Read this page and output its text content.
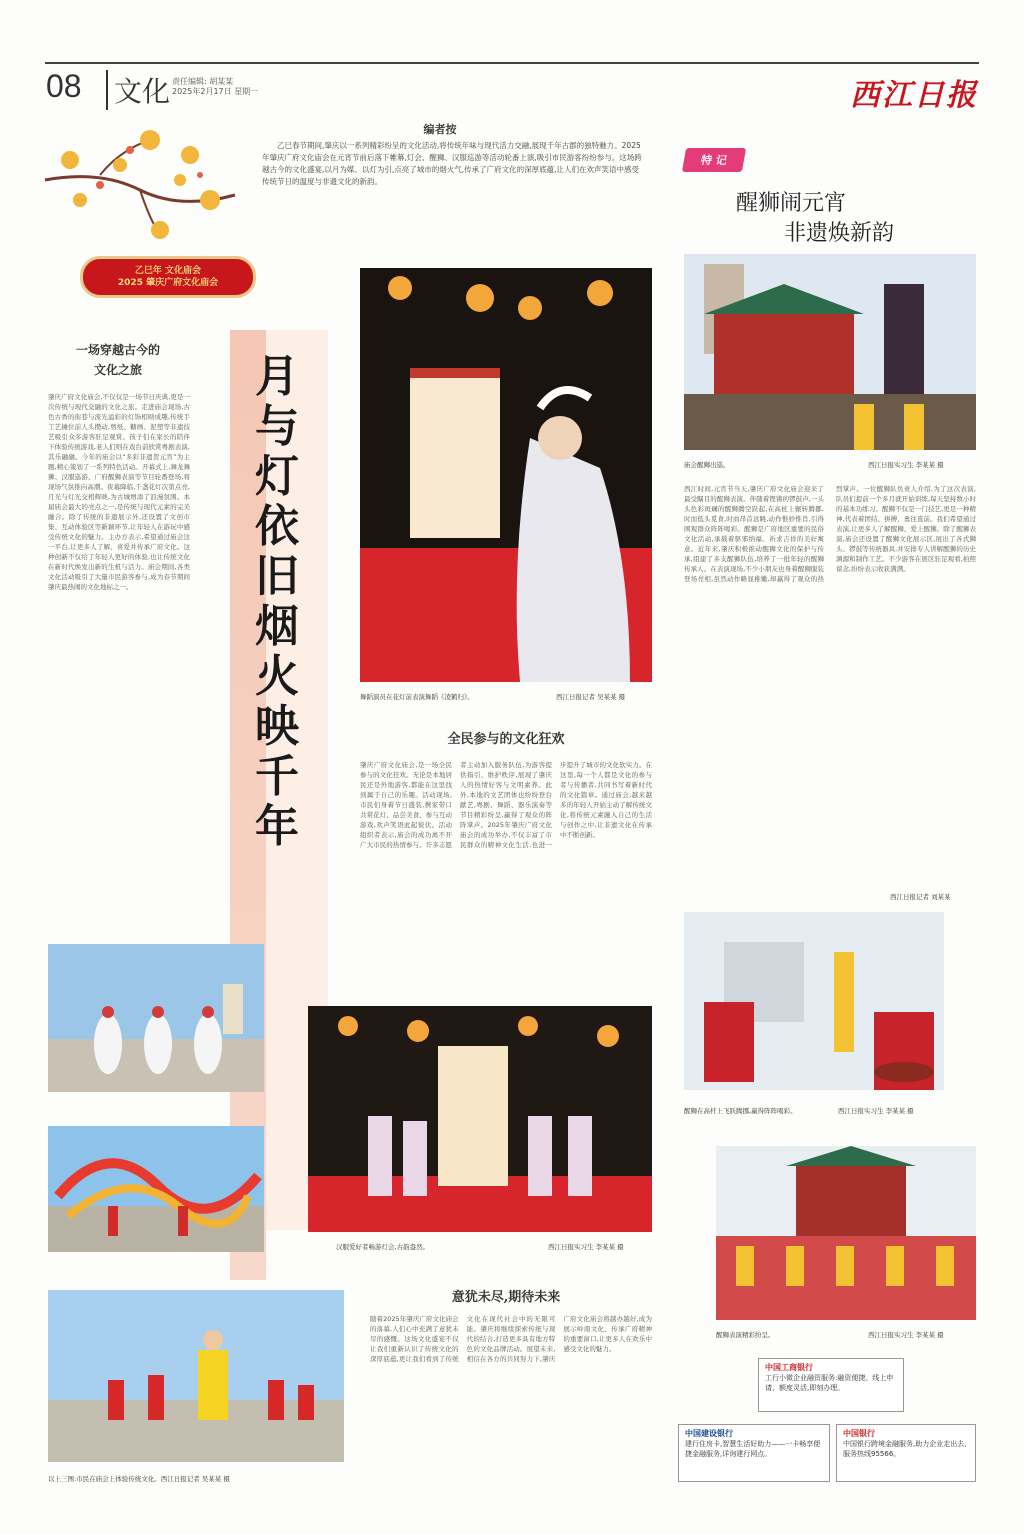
08 文化 责任编辑: 胡某某
2025年2月17日 星期一	西江日报
乙巳年 文化庙会
2025 肇庆广府文化庙会
编者按
乙巳春节期间,肇庆以一系列精彩纷呈的文化活动,将传统年味与现代活力交融,展现千年古郡的独特魅力。2025年肇庆广府文化庙会在元宵节前后落下帷幕,灯会、醒狮、汉服巡游等活动轮番上演,吸引市民游客纷纷参与。这场跨越古今的文化盛宴,以月为媒、以灯为引,点亮了城市的烟火气,传承了广府文化的深厚底蕴,让人们在欢声笑语中感受传统节日的温度与非遗文化的新韵。
一场穿越古今的
文化之旅
肇庆广府文化庙会,不仅仅是一场节日庆典,更是一次传统与现代交融的文化之旅。走进庙会现场,古色古香的街巷与流光溢彩的灯饰相映成趣,传统手工艺摊位前人头攒动,剪纸、糖画、泥塑等非遗技艺吸引众多游客驻足观赏。孩子们在家长的陪伴下体验传统游戏,老人们则在戏台前欣赏粤剧表演,其乐融融。今年的庙会以“多彩非遗贺元宵”为主题,精心策划了一系列特色活动。开幕式上,舞龙舞狮、汉服巡游、广府醒狮表演等节目轮番登场,将现场气氛推向高潮。夜幕降临,千盏花灯次第点亮,月光与灯光交相辉映,为古城增添了浪漫氛围。本届庙会最大的亮点之一,是传统与现代元素的完美融合。除了传统的非遗展示外,还设置了文创市集、互动体验区等新颖环节,让年轻人在游玩中感受传统文化的魅力。主办方表示,希望通过庙会这一平台,让更多人了解、喜爱并传承广府文化。这种创新不仅给了年轻人更好的体验,也让传统文化在新时代焕发出新的生机与活力。庙会期间,各类文化活动吸引了大量市民游客参与,成为春节期间肇庆最热闹的文化地标之一。
月与灯依旧 烟火映千年
以上三图:市民在庙会上体验传统文化。西江日报记者 吴某某 摄
舞蹈演员在花灯前表演舞蹈《凌鹤归》。	西江日报记者 吴某某 摄
全民参与的文化狂欢
肇庆广府文化庙会,是一场全民参与的文化狂欢。无论是本地居民还是外地游客,都能在这里找到属于自己的乐趣。活动现场,市民们身着节日盛装,携家带口共赏花灯、品尝美食、参与互动游戏,欢声笑语此起彼伏。活动组织者表示,庙会的成功离不开广大市民的热情参与。许多志愿者主动加入服务队伍,为游客提供指引、维护秩序,展现了肇庆人的热情好客与文明素养。此外,本地的文艺团体也纷纷登台献艺,粤剧、舞蹈、器乐演奏等节目精彩纷呈,赢得了观众的阵阵掌声。2025年肇庆广府文化庙会的成功举办,不仅丰富了市民群众的精神文化生活,也进一步提升了城市的文化软实力。在这里,每一个人都是文化的参与者与传播者,共同书写着新时代的文化篇章。通过庙会,越来越多的年轻人开始主动了解传统文化,将传统元素融入自己的生活与创作之中,让非遗文化在传承中不断创新。
汉服爱好者畅游灯会,古韵盎然。	西江日报实习生 李某某 摄
意犹未尽,期待未来
随着2025年肇庆广府文化庙会的落幕,人们心中充满了意犹未尽的感慨。这场文化盛宴不仅让我们重新认识了传统文化的深厚底蕴,更让我们看到了传统文化在现代社会中的无限可能。肇庆将继续探索传统与现代的结合,打造更多具有地方特色的文化品牌活动。展望未来,相信在各方的共同努力下,肇庆广府文化庙会将越办越好,成为展示岭南文化、传承广府精神的重要窗口,让更多人在欢乐中感受文化的魅力。
特 记
醒狮闹元宵
非遗焕新韵
庙会醒狮出巡。	西江日报实习生 李某某 摄
西江时间,元宵节当天,肇庆广府文化庙会迎来了最受瞩目的醒狮表演。伴随着铿锵的锣鼓声,一头头色彩斑斓的醒狮腾空跃起,在高桩上辗转腾挪,时而低头觅食,时而昂首远眺,动作惟妙惟肖,引得围观群众阵阵喝彩。醒狮是广府地区重要的民俗文化活动,承载着驱邪纳福、祈求吉祥的美好寓意。近年来,肇庆积极推动醒狮文化的保护与传承,组建了多支醒狮队伍,培养了一批年轻的醒狮传承人。在表演现场,不少小朋友也身着醒狮服装登场亮相,虽然动作略显稚嫩,却赢得了观众的热烈掌声。一位醒狮队负责人介绍,为了这次表演,队员们提前一个多月就开始训练,每天坚持数小时的基本功练习。醒狮不仅是一门技艺,更是一种精神,代表着团结、拼搏、勇往直前。我们希望通过表演,让更多人了解醒狮、爱上醒狮。除了醒狮表演,庙会还设置了醒狮文化展示区,展出了各式狮头、锣鼓等传统器具,并安排专人讲解醒狮的历史渊源和制作工艺。不少游客在展区驻足观看,拍照留念,纷纷表示收获满满。
西江日报记者 刘某某
醒狮在高杆上飞跃腾挪,赢得阵阵喝彩。	西江日报实习生 李某某 摄
醒狮表演精彩纷呈。	西江日报实习生 李某某 摄
中国工商银行
工行小微企业融资服务:融资便捷、线上申请、额度灵活,即刻办理。
中国建设银行
建行住房卡,智慧生活好助力——一卡畅享便捷金融服务,详询建行网点。
中国银行
中国银行跨境金融服务,助力企业走出去,服务热线95566。
